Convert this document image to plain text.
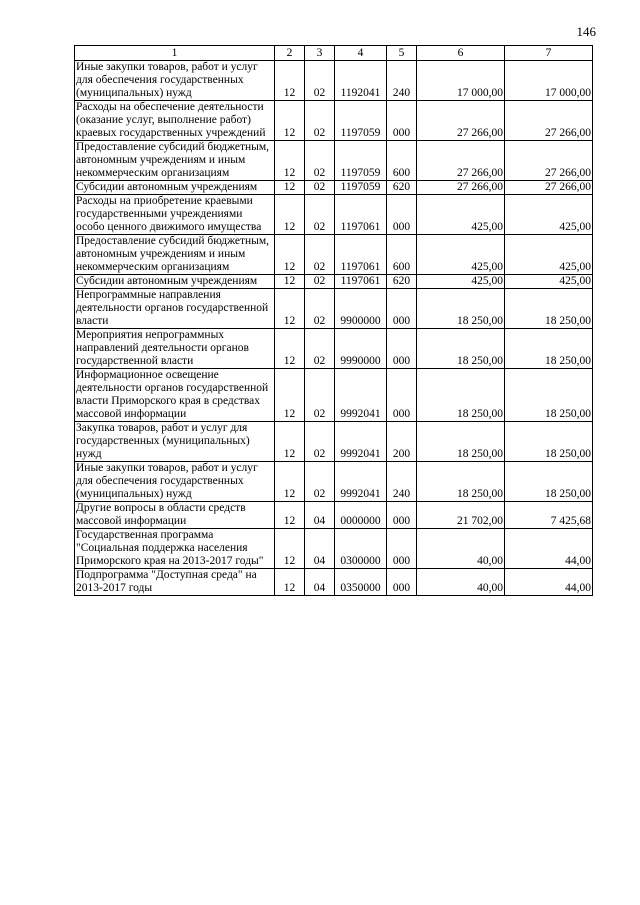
146
1	2	3	4	5	6	7
Иные закупки товаров, работ и услуг для обеспечения государственных (муниципальных) нужд	12	02	1192041	240	17 000,00	17 000,00
Расходы на обеспечение деятельности (оказание услуг, выполнение работ) краевых государственных учреждений	12	02	1197059	000	27 266,00	27 266,00
Предоставление субсидий бюджетным, автономным учреждениям и иным некоммерческим организациям	12	02	1197059	600	27 266,00	27 266,00
Субсидии автономным учреждениям	12	02	1197059	620	27 266,00	27 266,00
Расходы на приобретение краевыми государственными учреждениями особо ценного движимого имущества	12	02	1197061	000	425,00	425,00
Предоставление субсидий бюджетным, автономным учреждениям и иным некоммерческим организациям	12	02	1197061	600	425,00	425,00
Субсидии автономным учреждениям	12	02	1197061	620	425,00	425,00
Непрограммные направления деятельности органов государственной власти	12	02	9900000	000	18 250,00	18 250,00
Мероприятия непрограммных направлений деятельности органов государственной власти	12	02	9990000	000	18 250,00	18 250,00
Информационное освещение деятельности органов государственной власти Приморского края в средствах массовой информации	12	02	9992041	000	18 250,00	18 250,00
Закупка товаров, работ и услуг для государственных (муниципальных) нужд	12	02	9992041	200	18 250,00	18 250,00
Иные закупки товаров, работ и услуг для обеспечения государственных (муниципальных) нужд	12	02	9992041	240	18 250,00	18 250,00
Другие вопросы в области средств массовой информации	12	04	0000000	000	21 702,00	7 425,68
Государственная программа "Социальная поддержка населения Приморского края на 2013-2017 годы"	12	04	0300000	000	40,00	44,00
Подпрограмма "Доступная среда" на 2013-2017 годы	12	04	0350000	000	40,00	44,00
